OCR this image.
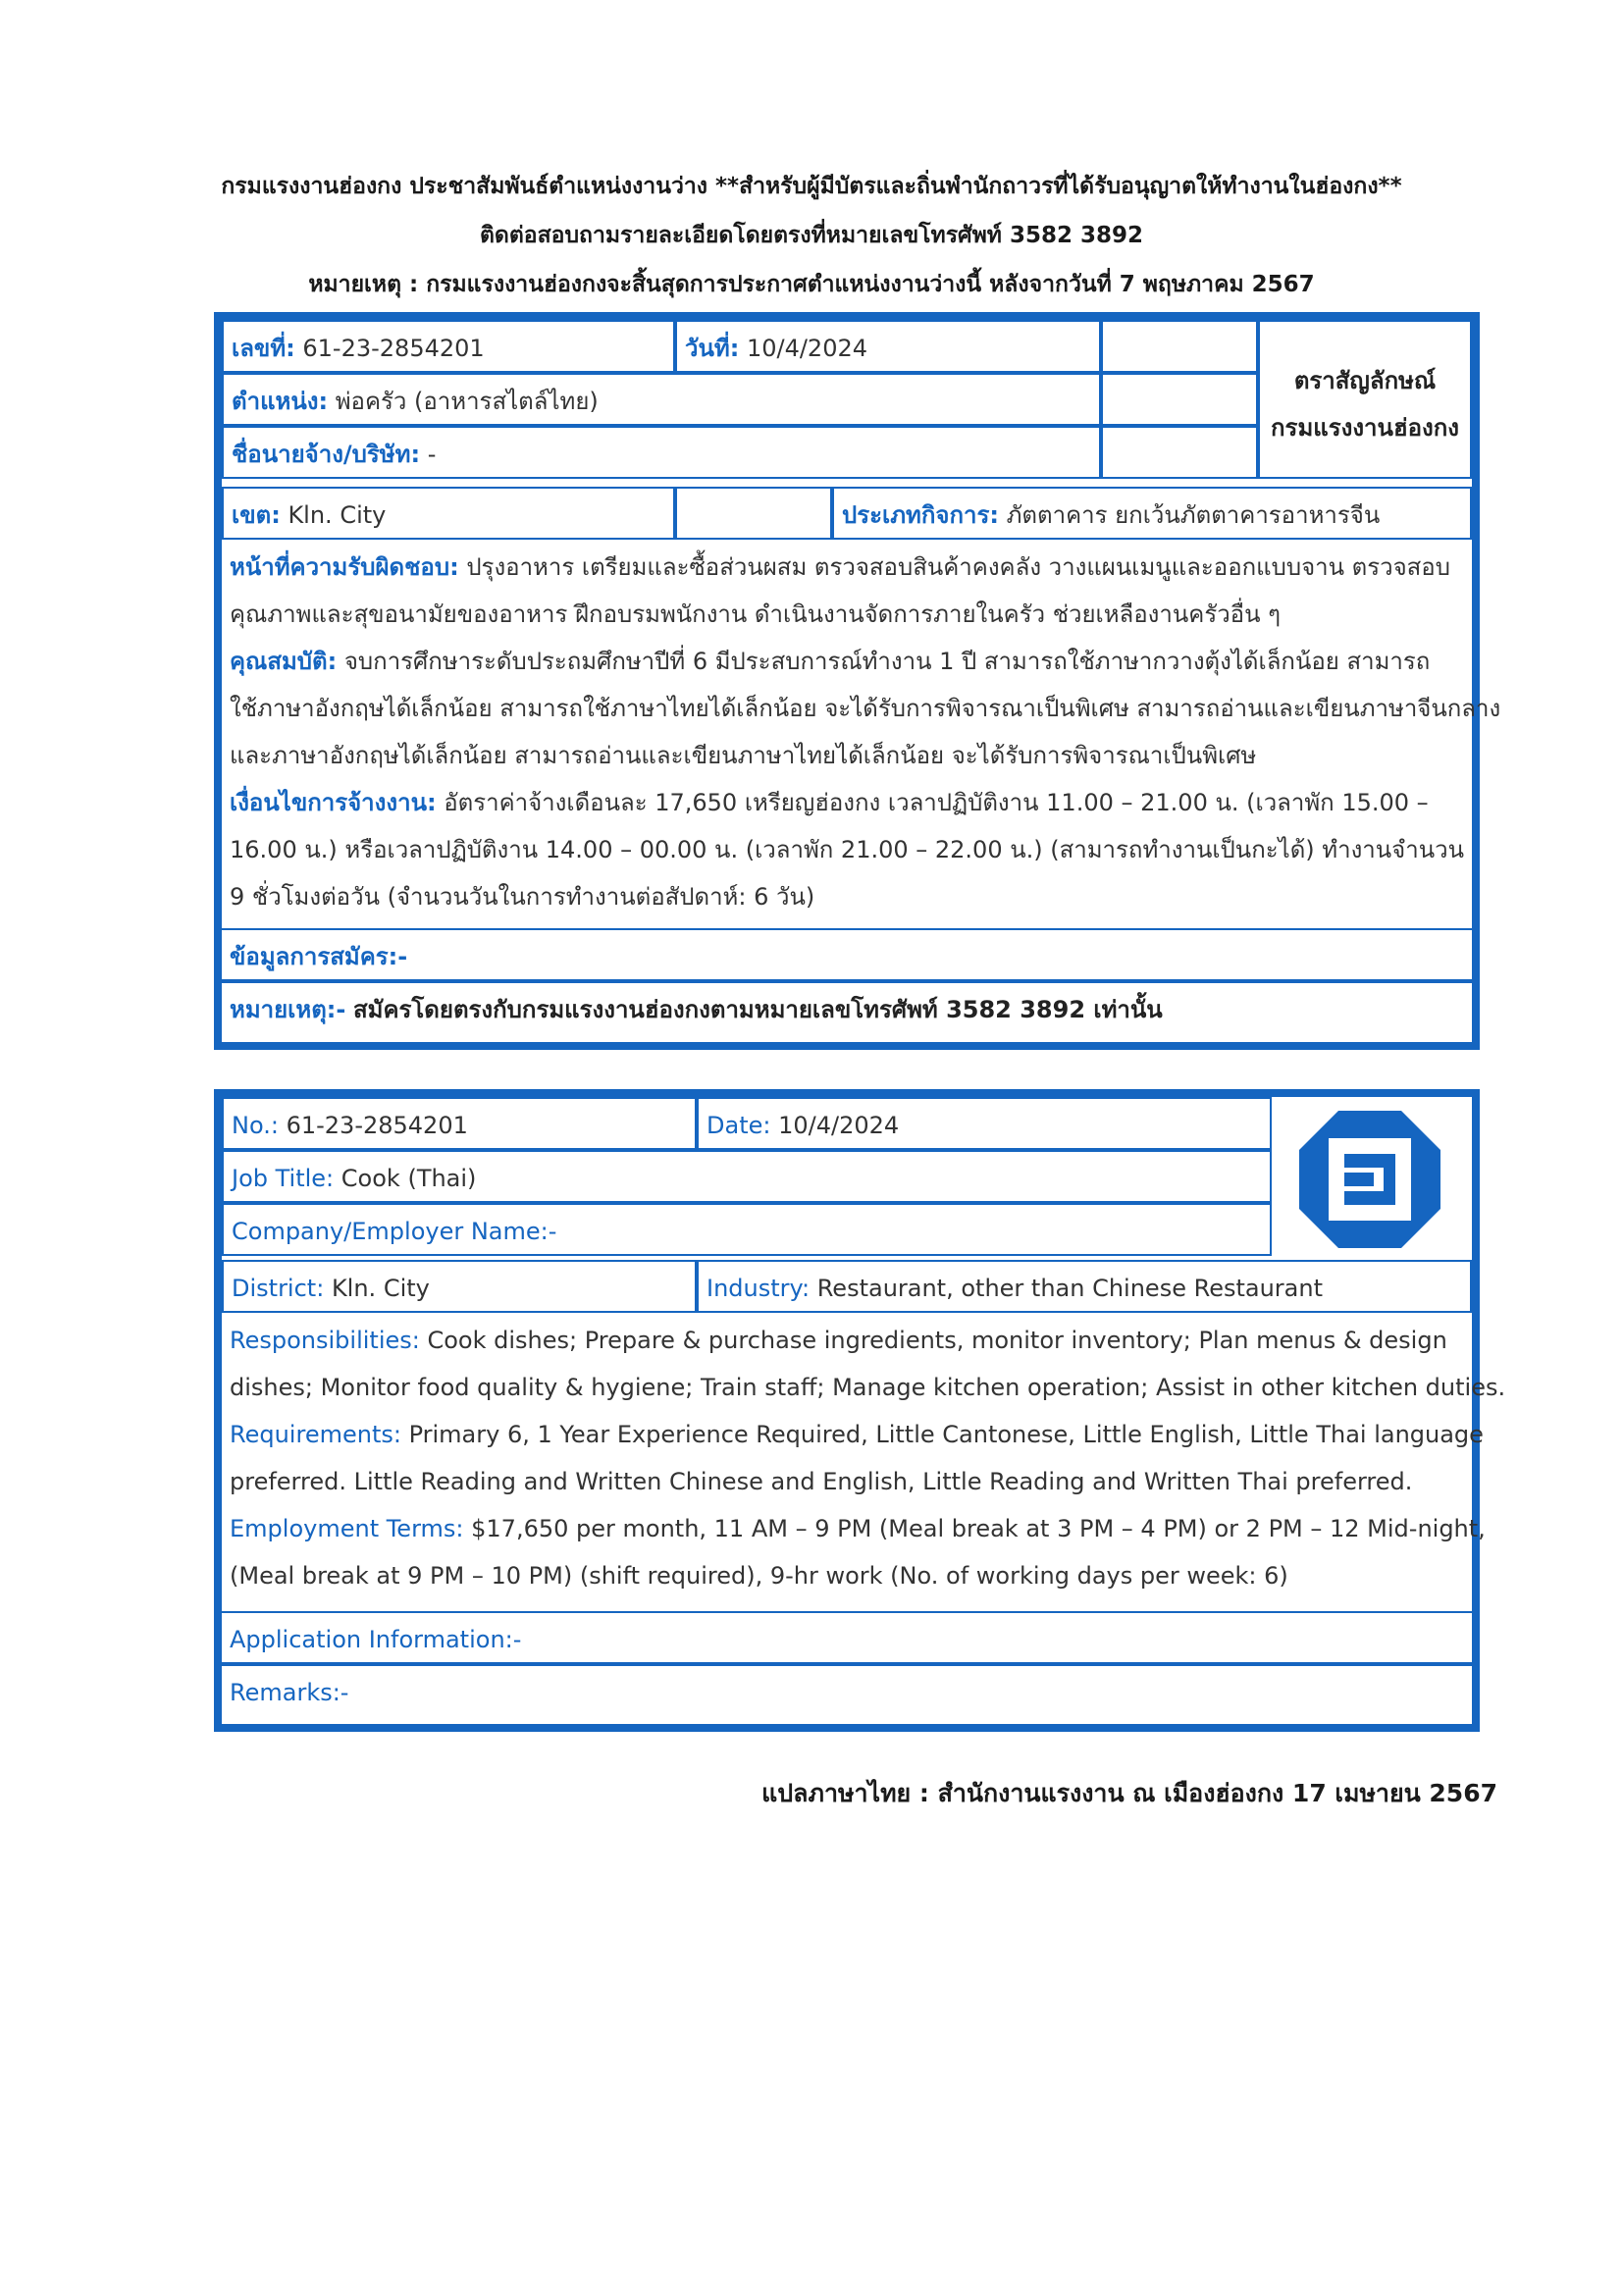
กรมแรงงานฮ่องกง ประชาสัมพันธ์ตำแหน่งงานว่าง **สำหรับผู้มีบัตรและถิ่นพำนักถาวรที่ได้รับอนุญาตให้ทำงานในฮ่องกง**
ติดต่อสอบถามรายละเอียดโดยตรงที่หมายเลขโทรศัพท์ 3582 3892
หมายเหตุ : กรมแรงงานฮ่องกงจะสิ้นสุดการประกาศตำแหน่งงานว่างนี้ หลังจากวันที่ 7 พฤษภาคม 2567
เลขที่: 61-23-2854201	วันที่: 10/4/2024
ตำแหน่ง: พ่อครัว (อาหารสไตล์ไทย)
ชื่อนายจ้าง/บริษัท: -
ตราสัญลักษณ์
กรมแรงงานฮ่องกง
เขต: Kln. City	ประเภทกิจการ: ภัตตาคาร ยกเว้นภัตตาคารอาหารจีน
หน้าที่ความรับผิดชอบ: ปรุงอาหาร เตรียมและซื้อส่วนผสม ตรวจสอบสินค้าคงคลัง วางแผนเมนูและออกแบบจาน ตรวจสอบ
คุณภาพและสุขอนามัยของอาหาร ฝึกอบรมพนักงาน ดำเนินงานจัดการภายในครัว ช่วยเหลืองานครัวอื่น ๆ
คุณสมบัติ: จบการศึกษาระดับประถมศึกษาปีที่ 6 มีประสบการณ์ทำงาน 1 ปี สามารถใช้ภาษากวางตุ้งได้เล็กน้อย สามารถ
ใช้ภาษาอังกฤษได้เล็กน้อย สามารถใช้ภาษาไทยได้เล็กน้อย จะได้รับการพิจารณาเป็นพิเศษ สามารถอ่านและเขียนภาษาจีนกลาง
และภาษาอังกฤษได้เล็กน้อย สามารถอ่านและเขียนภาษาไทยได้เล็กน้อย จะได้รับการพิจารณาเป็นพิเศษ
เงื่อนไขการจ้างงาน: อัตราค่าจ้างเดือนละ 17,650 เหรียญฮ่องกง เวลาปฏิบัติงาน 11.00 – 21.00 น. (เวลาพัก 15.00 –
16.00 น.) หรือเวลาปฏิบัติงาน 14.00 – 00.00 น. (เวลาพัก 21.00 – 22.00 น.) (สามารถทำงานเป็นกะได้) ทำงานจำนวน
9 ชั่วโมงต่อวัน (จำนวนวันในการทำงานต่อสัปดาห์: 6 วัน)
ข้อมูลการสมัคร:-
หมายเหตุ:- สมัครโดยตรงกับกรมแรงงานฮ่องกงตามหมายเลขโทรศัพท์ 3582 3892 เท่านั้น
No.: 61-23-2854201	Date: 10/4/2024
Job Title: Cook (Thai)
Company/Employer Name:-
District: Kln. City	Industry: Restaurant, other than Chinese Restaurant
Responsibilities: Cook dishes; Prepare & purchase ingredients, monitor inventory; Plan menus & design
dishes; Monitor food quality & hygiene; Train staff; Manage kitchen operation; Assist in other kitchen duties.
Requirements: Primary 6, 1 Year Experience Required, Little Cantonese, Little English, Little Thai language
preferred. Little Reading and Written Chinese and English, Little Reading and Written Thai preferred.
Employment Terms: $17,650 per month, 11 AM – 9 PM (Meal break at 3 PM – 4 PM) or 2 PM – 12 Mid-night,
(Meal break at 9 PM – 10 PM) (shift required), 9-hr work (No. of working days per week: 6)
Application Information:-
Remarks:-
แปลภาษาไทย : สำนักงานแรงงาน ณ เมืองฮ่องกง 17 เมษายน 2567
